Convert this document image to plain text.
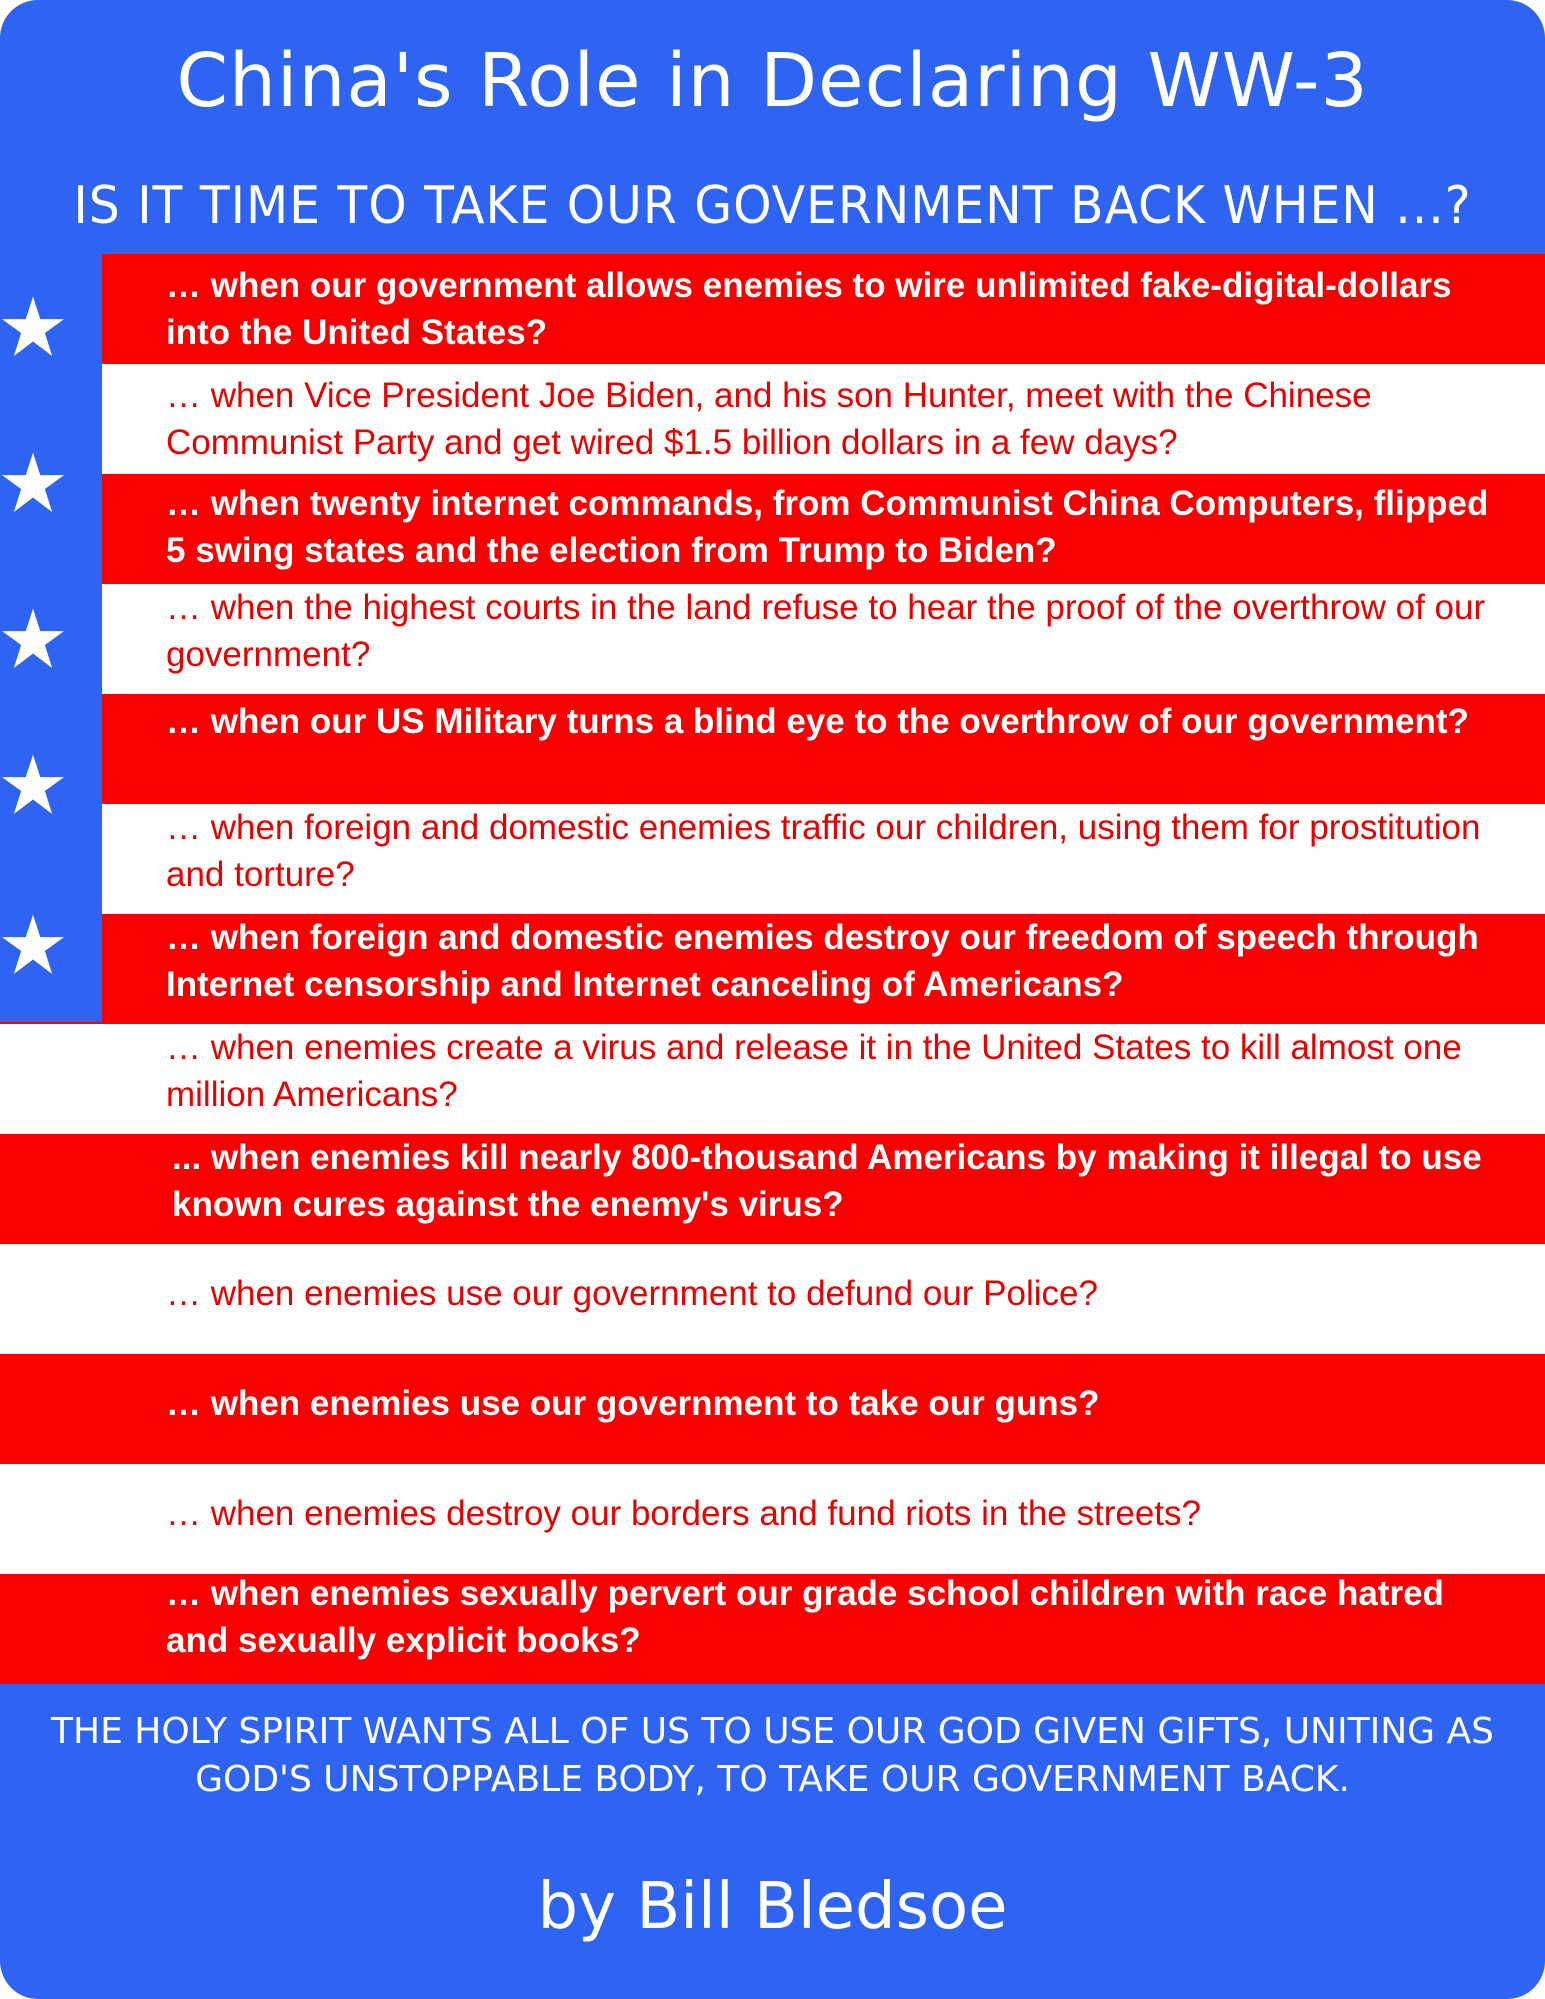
China's Role in Declaring WW-3
IS IT TIME TO TAKE OUR GOVERNMENT BACK WHEN ...?
… when our government allows enemies to wire unlimited fake-digital-dollars into the United States?
… when Vice President Joe Biden, and his son Hunter, meet with the Chinese Communist Party and get wired $1.5 billion dollars in a few days?
… when twenty internet commands, from Communist China Computers, flipped 5 swing states and the election from Trump to Biden?
… when the highest courts in the land refuse to hear the proof of the overthrow of our government?
… when our US Military turns a blind eye to the overthrow of our government?
… when foreign and domestic enemies traffic our children, using them for prostitution and torture?
… when foreign and domestic enemies destroy our freedom of speech through Internet censorship and Internet canceling of Americans?
… when enemies create a virus and release it in the United States to kill almost one million Americans?
... when enemies kill nearly 800-thousand Americans by making it illegal to use known cures against the enemy's virus?
… when enemies use our government to defund our Police?
… when enemies use our government to take our guns?
… when enemies destroy our borders and fund riots in the streets?
… when enemies sexually pervert our grade school children with race hatred and sexually explicit books?
THE HOLY SPIRIT WANTS ALL OF US TO USE OUR GOD GIVEN GIFTS, UNITING AS GOD'S UNSTOPPABLE BODY, TO TAKE OUR GOVERNMENT BACK.
by Bill Bledsoe
